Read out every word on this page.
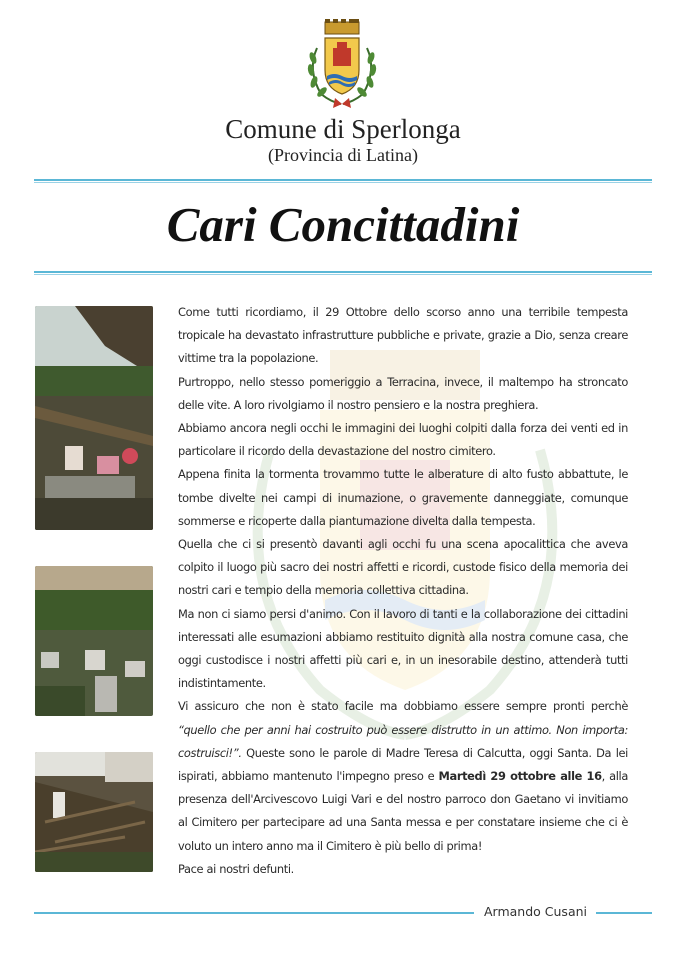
Comune di Sperlonga
(Provincia di Latina)
Cari Concittadini

Come tutti ricordiamo, il 29 Ottobre dello scorso anno una terribile tempesta tropicale ha devastato infrastrutture pubbliche e private, grazie a Dio, senza creare vittime tra la popolazione.

Purtroppo, nello stesso pomeriggio a Terracina, invece, il maltempo ha stroncato delle vite. A loro rivolgiamo il nostro pensiero e la nostra preghiera.

Abbiamo ancora negli occhi le immagini dei luoghi colpiti dalla forza dei venti ed in particolare il ricordo della devastazione del nostro cimitero.

Appena finita la tormenta trovammo tutte le alberature di alto fusto abbattute, le tombe divelte nei campi di inumazione, o gravemente danneggiate, comunque sommerse e ricoperte dalla piantumazione divelta dalla tempesta.

Quella che ci si presentò davanti agli occhi fu una scena apocalittica che aveva colpito il luogo più sacro dei nostri affetti e ricordi, custode fisico della memoria dei nostri cari e tempio della memoria collettiva cittadina.

Ma non ci siamo persi d'animo. Con il lavoro di tanti e la collaborazione dei cittadini interessati alle esumazioni abbiamo restituito dignità alla nostra comune casa, che oggi custodisce i nostri affetti più cari e, in un inesorabile destino, attenderà tutti indistintamente.

Vi assicuro che non è stato facile ma dobbiamo essere sempre pronti perchè “quello che per anni hai costruito può essere distrutto in un attimo. Non importa: costruisci!”. Queste sono le parole di Madre Teresa di Calcutta, oggi Santa. Da lei ispirati, abbiamo mantenuto l'impegno preso e Martedì 29 ottobre alle 16, alla presenza dell'Arcivescovo Luigi Vari e del nostro parroco don Gaetano vi invitiamo al Cimitero per partecipare ad una Santa messa e per constatare insieme che ci è voluto un intero anno ma il Cimitero è più bello di prima!

Pace ai nostri defunti.

Armando Cusani
